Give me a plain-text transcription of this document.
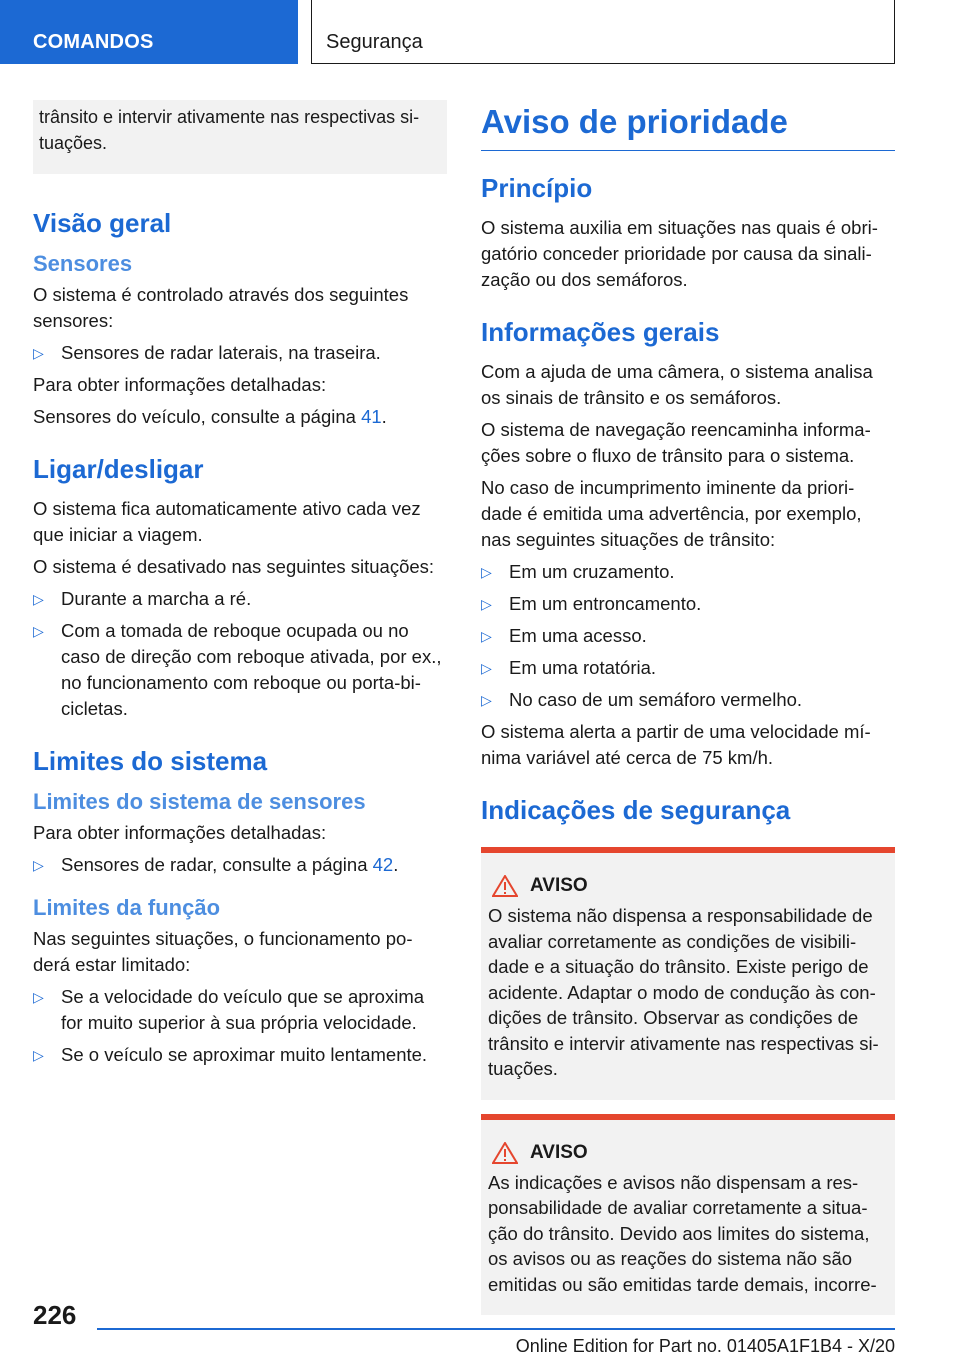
COMANDOS	Segurança

trânsito e intervir ativamente nas respectivas si-tuações.

Visão geral
Sensores

O sistema é controlado através dos seguintes sensores:

▷ Sensores de radar laterais, na traseira.

Para obter informações detalhadas:

Sensores do veículo, consulte a página 41.

Ligar/desligar

O sistema fica automaticamente ativo cada vez que iniciar a viagem.

O sistema é desativado nas seguintes situações:

▷ Durante a marcha a ré.
▷ Com a tomada de reboque ocupada ou no caso de direção com reboque ativada, por ex., no funcionamento com reboque ou porta-bi-cicletas.
Limites do sistema
Limites do sistema de sensores

Para obter informações detalhadas:

▷ Sensores de radar, consulte a página 42.
Limites da função

Nas seguintes situações, o funcionamento po-derá estar limitado:

▷ Se a velocidade do veículo que se aproxima for muito superior à sua própria velocidade.
▷ Se o veículo se aproximar muito lentamente.
Aviso de prioridade
Princípio

O sistema auxilia em situações nas quais é obri-gatório conceder prioridade por causa da sinali-zação ou dos semáforos.

Informações gerais

Com a ajuda de uma câmera, o sistema analisa os sinais de trânsito e os semáforos.

O sistema de navegação reencaminha informa-ções sobre o fluxo de trânsito para o sistema.

No caso de incumprimento iminente da priori-dade é emitida uma advertência, por exemplo, nas seguintes situações de trânsito:

▷ Em um cruzamento.
▷ Em um entroncamento.
▷ Em uma acesso.
▷ Em uma rotatória.
▷ No caso de um semáforo vermelho.

O sistema alerta a partir de uma velocidade mí-nima variável até cerca de 75 km/h.

Indicações de segurança
AVISO

O sistema não dispensa a responsabilidade de avaliar corretamente as condições de visibili-dade e a situação do trânsito. Existe perigo de acidente. Adaptar o modo de condução às con-dições de trânsito. Observar as condições de trânsito e intervir ativamente nas respectivas si-tuações.

AVISO

As indicações e avisos não dispensam a res-ponsabilidade de avaliar corretamente a situa-ção do trânsito. Devido aos limites do sistema, os avisos ou as reações do sistema não são emitidas ou são emitidas tarde demais, incorre-

226
Online Edition for Part no. 01405A1F1B4 - X/20
